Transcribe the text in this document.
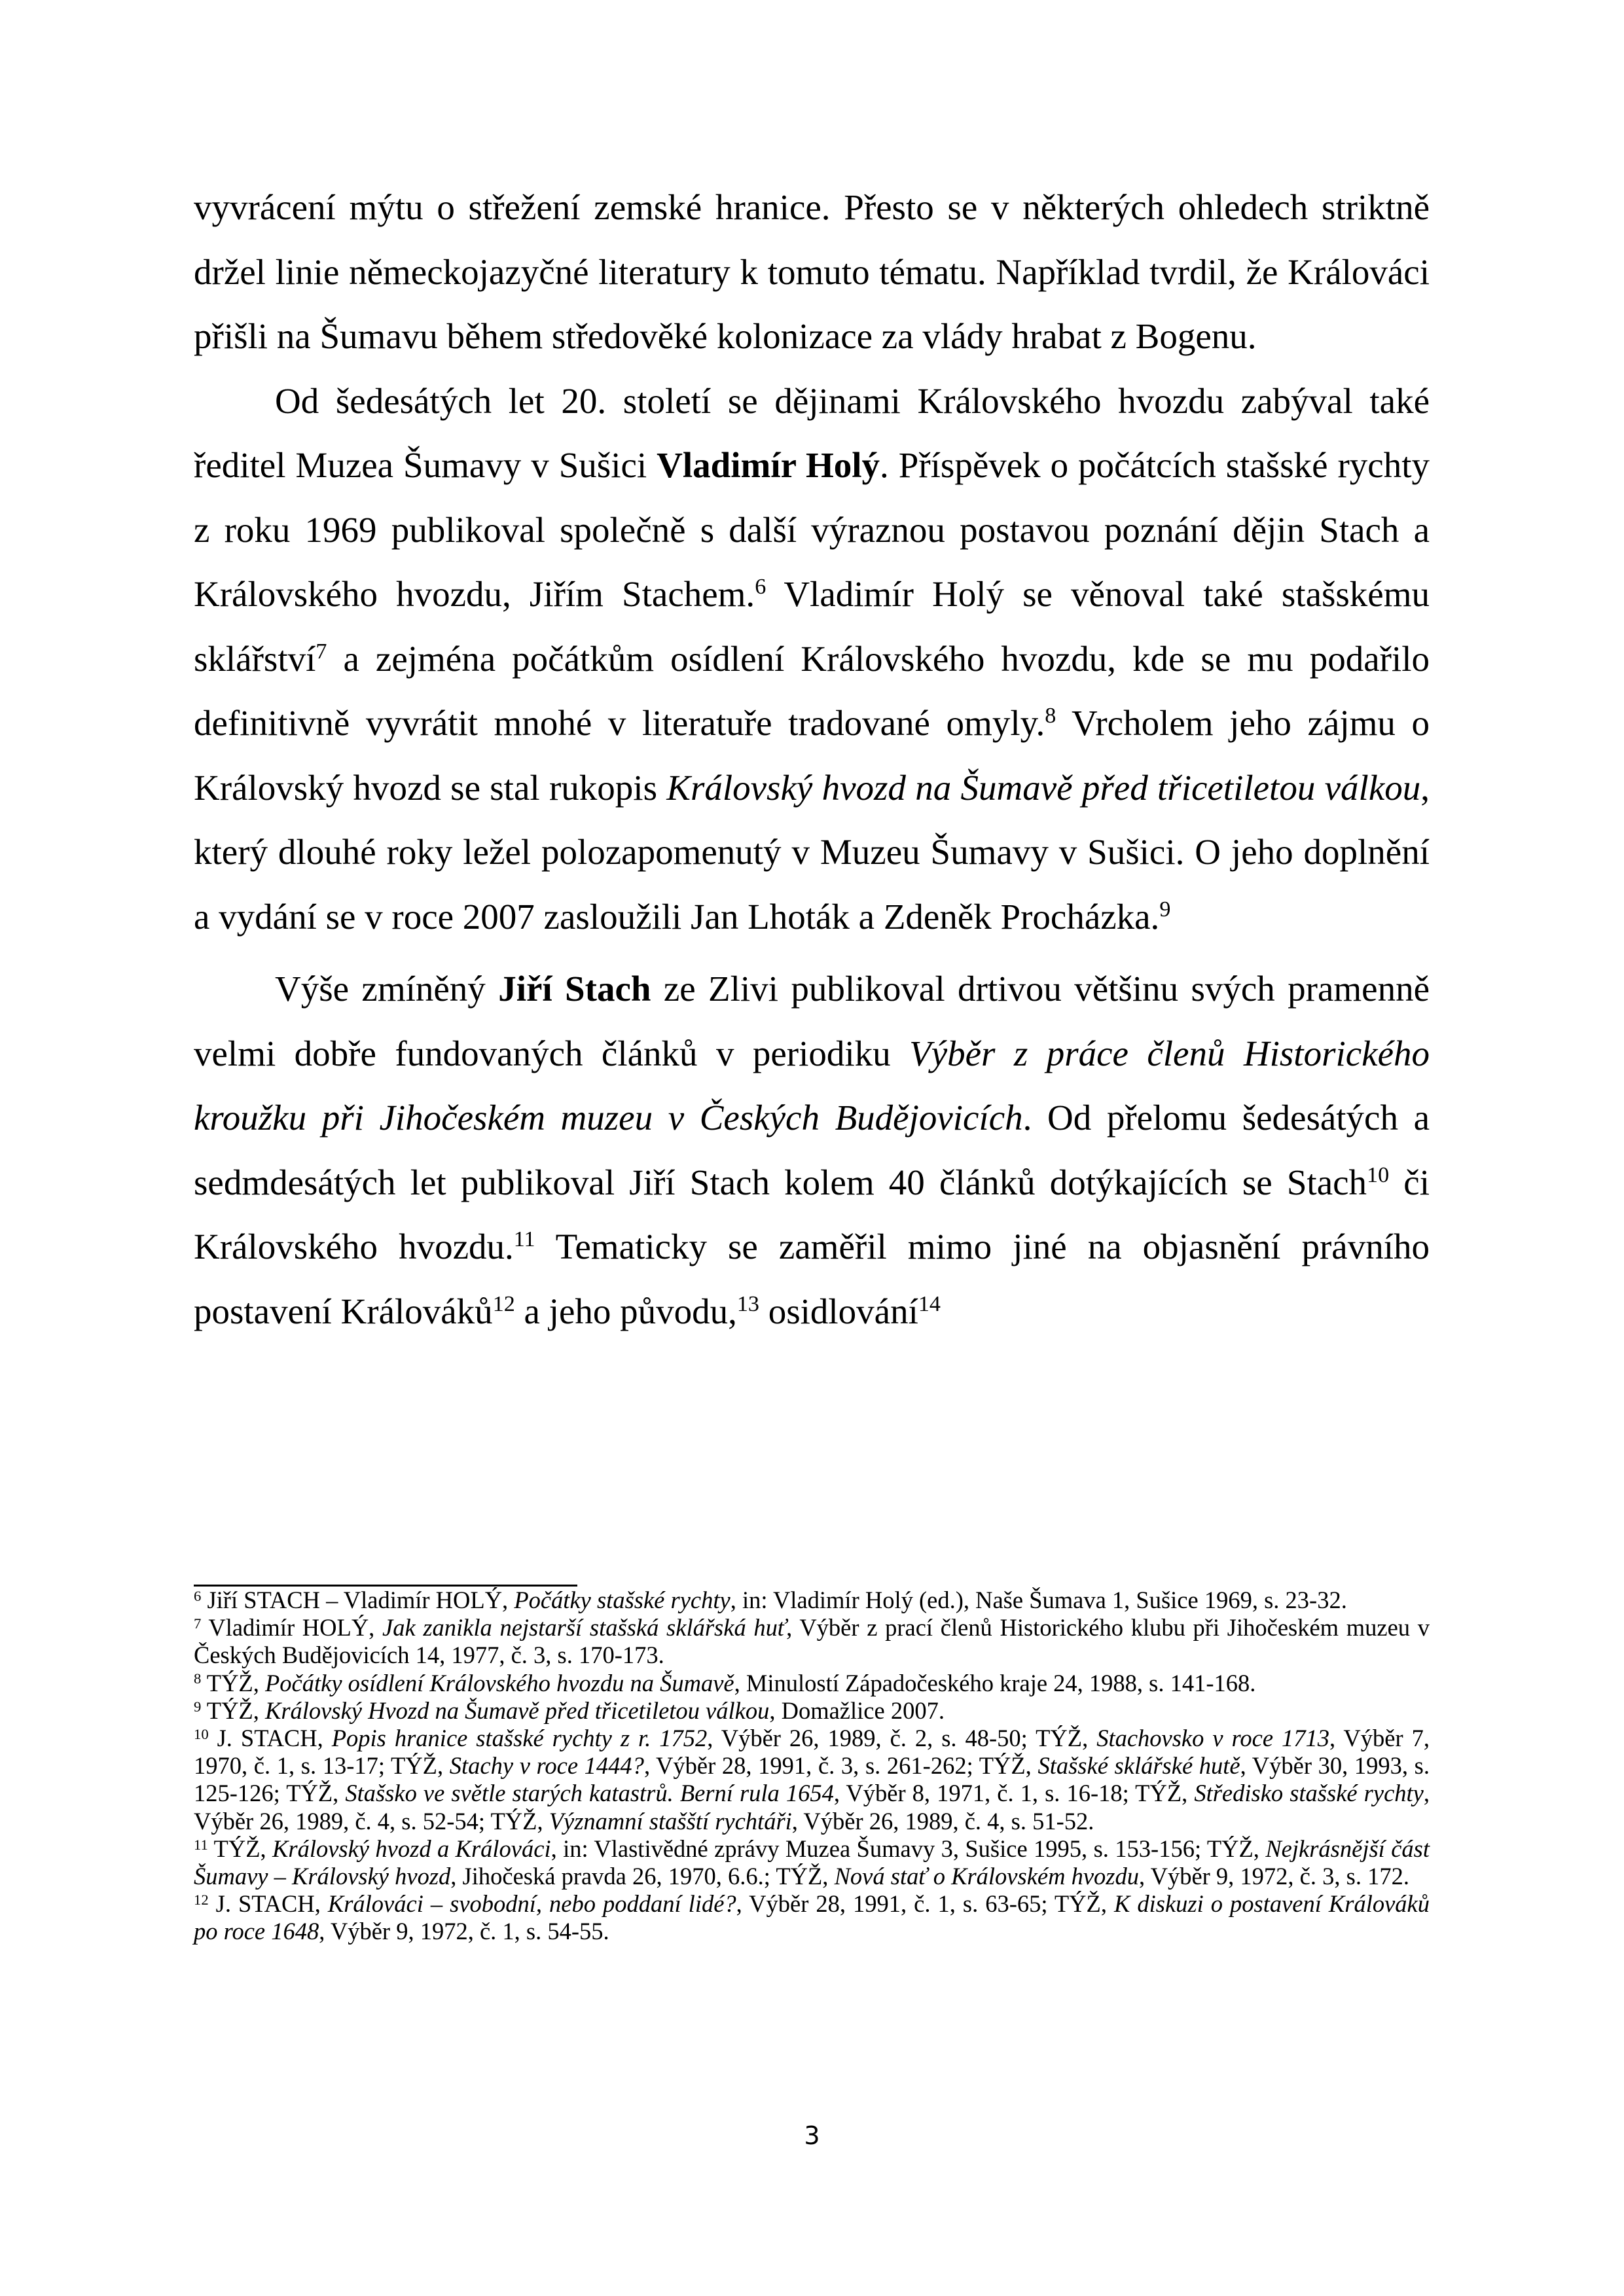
vyvrácení mýtu o střežení zemské hranice. Přesto se v některých ohledech striktně držel linie německojazyčné literatury k tomuto tématu. Například tvrdil, že Králováci přišli na Šumavu během středověké kolonizace za vlády hrabat z Bogenu.

Od šedesátých let 20. století se dějinami Královského hvozdu zabýval také ředitel Muzea Šumavy v Sušici Vladimír Holý. Příspěvek o počátcích stašské rychty z roku 1969 publikoval společně s další výraznou postavou poznání dějin Stach a Královského hvozdu, Jiřím Stachem.$^6$ Vladimír Holý se věnoval také stašskému sklářství$^7$ a zejména počátkům osídlení Královského hvozdu, kde se mu podařilo definitivně vyvrátit mnohé v literatuře tradované omyly.$^8$ Vrcholem jeho zájmu o Královský hvozd se stal rukopis Královský hvozd na Šumavě před třicetiletou válkou, který dlouhé roky ležel polozapomenutý v Muzeu Šumavy v Sušici. O jeho doplnění a vydání se v roce 2007 zasloužili Jan Lhoták a Zdeněk Procházka.$^9$

Výše zmíněný Jiří Stach ze Zlivi publikoval drtivou většinu svých pramenně velmi dobře fundovaných článků v periodiku Výběr z práce členů Historického kroužku při Jihočeském muzeu v Českých Budějovicích. Od přelomu šedesátých a sedmdesátých let publikoval Jiří Stach kolem 40 článků dotýkajících se Stach$^{10}$ či Královského hvozdu.$^{11}$ Tematicky se zaměřil mimo jiné na objasnění právního postavení Králováků$^{12}$ a jeho původu,$^{13}$ osidlování$^{14}$

$^6$ Jiří STACH – Vladimír HOLÝ, Počátky stašské rychty, in: Vladimír Holý (ed.), Naše Šumava 1, Sušice 1969, s. 23-32.

$^7$ Vladimír HOLÝ, Jak zanikla nejstarší stašská sklářská huť, Výběr z prací členů Historického klubu při Jihočeském muzeu v Českých Budějovicích 14, 1977, č. 3, s. 170-173.

$^8$ TÝŽ, Počátky osídlení Královského hvozdu na Šumavě, Minulostí Západočeského kraje 24, 1988, s. 141-168.

$^9$ TÝŽ, Královský Hvozd na Šumavě před třicetiletou válkou, Domažlice 2007.

$^{10}$ J. STACH, Popis hranice stašské rychty z r. 1752, Výběr 26, 1989, č. 2, s. 48-50; TÝŽ, Stachovsko v roce 1713, Výběr 7, 1970, č. 1, s. 13-17; TÝŽ, Stachy v roce 1444?, Výběr 28, 1991, č. 3, s. 261-262; TÝŽ, Stašské sklářské hutě, Výběr 30, 1993, s. 125-126; TÝŽ, Stašsko ve světle starých katastrů. Berní rula 1654, Výběr 8, 1971, č. 1, s. 16-18; TÝŽ, Středisko stašské rychty, Výběr 26, 1989, č. 4, s. 52-54; TÝŽ, Významní stašští rychtáři, Výběr 26, 1989, č. 4, s. 51-52.

$^{11}$ TÝŽ, Královský hvozd a Králováci, in: Vlastivědné zprávy Muzea Šumavy 3, Sušice 1995, s. 153-156; TÝŽ, Nejkrásnější část Šumavy – Královský hvozd, Jihočeská pravda 26, 1970, 6.6.; TÝŽ, Nová stať o Královském hvozdu, Výběr 9, 1972, č. 3, s. 172.

$^{12}$ J. STACH, Králováci – svobodní, nebo poddaní lidé?, Výběr 28, 1991, č. 1, s. 63-65; TÝŽ, K diskuzi o postavení Králováků po roce 1648, Výběr 9, 1972, č. 1, s. 54-55.

3
